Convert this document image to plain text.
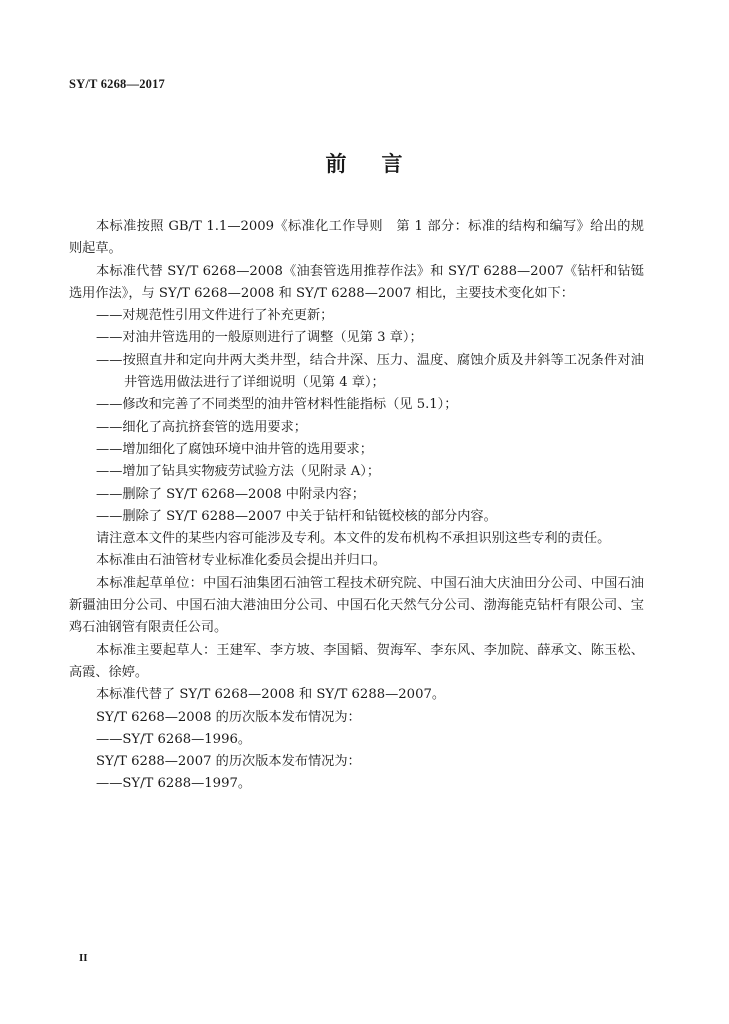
SY/T 6268—2017
前 言

本标准按照 GB/T 1.1—2009《标准化工作导则　第 1 部分：标准的结构和编写》给出的规则起草。

本标准代替 SY/T 6268—2008《油套管选用推荐作法》和 SY/T 6288—2007《钻杆和钻铤选用作法》，与 SY/T 6268—2008 和 SY/T 6288—2007 相比，主要技术变化如下：

——对规范性引用文件进行了补充更新；

——对油井管选用的一般原则进行了调整（见第 3 章）；

——按照直井和定向井两大类井型，结合井深、压力、温度、腐蚀介质及井斜等工况条件对油井管选用做法进行了详细说明（见第 4 章）；

——修改和完善了不同类型的油井管材料性能指标（见 5.1）；

——细化了高抗挤套管的选用要求；

——增加细化了腐蚀环境中油井管的选用要求；

——增加了钻具实物疲劳试验方法（见附录 A）；

——删除了 SY/T 6268—2008 中附录内容；

——删除了 SY/T 6288—2007 中关于钻杆和钻铤校核的部分内容。

请注意本文件的某些内容可能涉及专利。本文件的发布机构不承担识别这些专利的责任。

本标准由石油管材专业标准化委员会提出并归口。

本标准起草单位：中国石油集团石油管工程技术研究院、中国石油大庆油田分公司、中国石油新疆油田分公司、中国石油大港油田分公司、中国石化天然气分公司、渤海能克钻杆有限公司、宝鸡石油钢管有限责任公司。

本标准主要起草人：王建军、李方坡、李国韬、贺海军、李东风、李加院、薛承文、陈玉松、高霞、徐婷。

本标准代替了 SY/T 6268—2008 和 SY/T 6288—2007。

SY/T 6268—2008 的历次版本发布情况为：

——SY/T 6268—1996。

SY/T 6288—2007 的历次版本发布情况为：

——SY/T 6288—1997。

II
